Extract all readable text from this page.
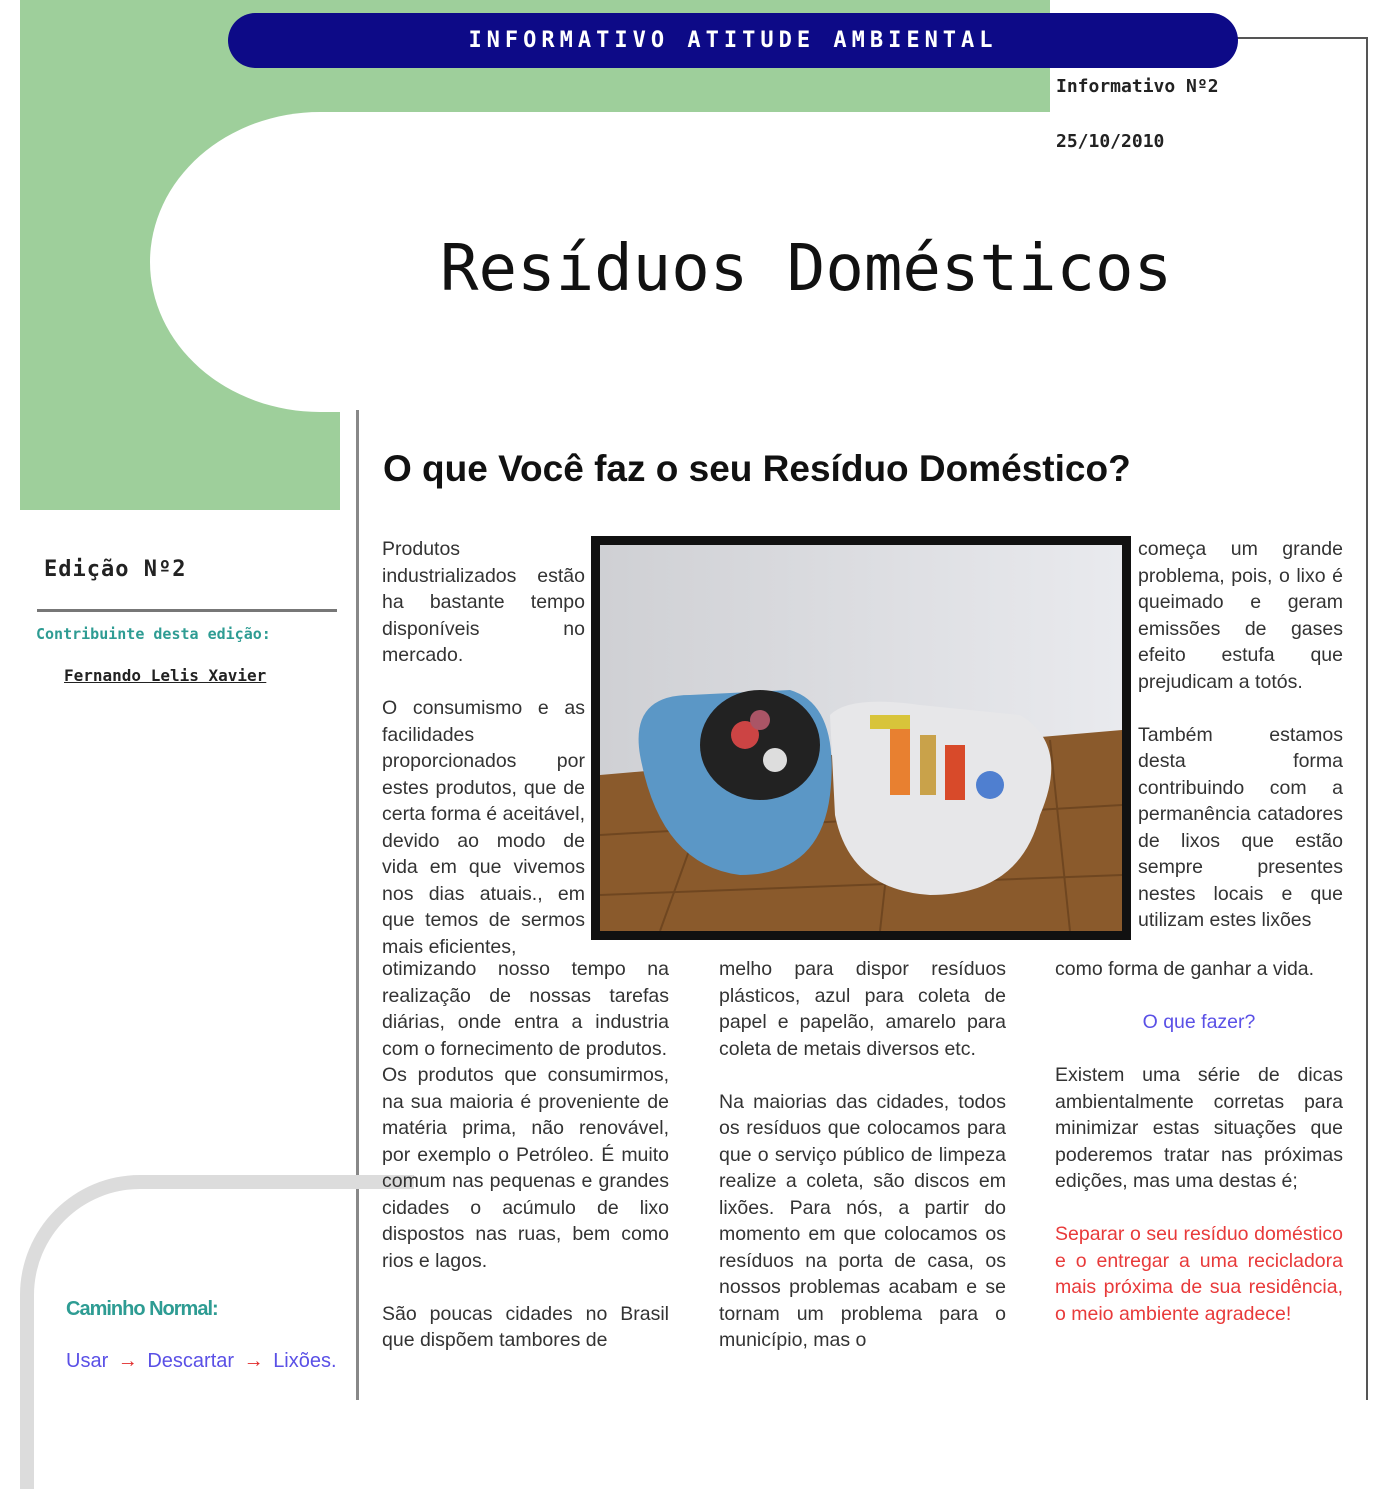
INFORMATIVO ATITUDE AMBIENTAL
Informativo Nº2
25/10/2010
Resíduos Domésticos
O que Você faz o seu Resíduo Doméstico?
Edição Nº2
Contribuinte desta edição:
Fernando Lelis Xavier
Caminho Normal:
Usar → Descartar → Lixões.

Produtos industrializados estão ha bastante tempo disponíveis no mercado.

O consumismo e as facilidades proporcionados por estes produtos, que de certa forma é aceitável, devido ao modo de vida em que vivemos nos dias atuais., em que temos de sermos mais eficientes,

começa um grande problema, pois, o lixo é queimado e geram emissões de gases efeito estufa que prejudicam a totós.

Também estamos desta forma contribuindo com a permanência catadores de lixos que estão sempre presentes nestes locais e que utilizam estes lixões

otimizando nosso tempo na realização de nossas tarefas diárias, onde entra a industria com o fornecimento de produtos.

Os produtos que consumirmos, na sua maioria é proveniente de matéria prima, não renovável, por exemplo o Petróleo. É muito comum nas pequenas e grandes cidades o acúmulo de lixo dispostos nas ruas, bem como rios e lagos.

São poucas cidades no Brasil que dispõem tambores de

melho para dispor resíduos plásticos, azul para coleta de papel e papelão, amarelo para coleta de metais diversos etc.

Na maiorias das cidades, todos os resíduos que colocamos para que o serviço público de limpeza realize a coleta, são discos em lixões. Para nós, a partir do momento em que colocamos os resíduos na porta de casa, os nossos problemas acabam e se tornam um problema para o município, mas o

como forma de ganhar a vida.

O que fazer?

Existem uma série de dicas ambientalmente corretas para minimizar estas situações que poderemos tratar nas próximas edições, mas uma destas é;

Separar o seu resíduo doméstico e o entregar a uma recicladora mais próxima de sua residência, o meio ambiente agradece!
